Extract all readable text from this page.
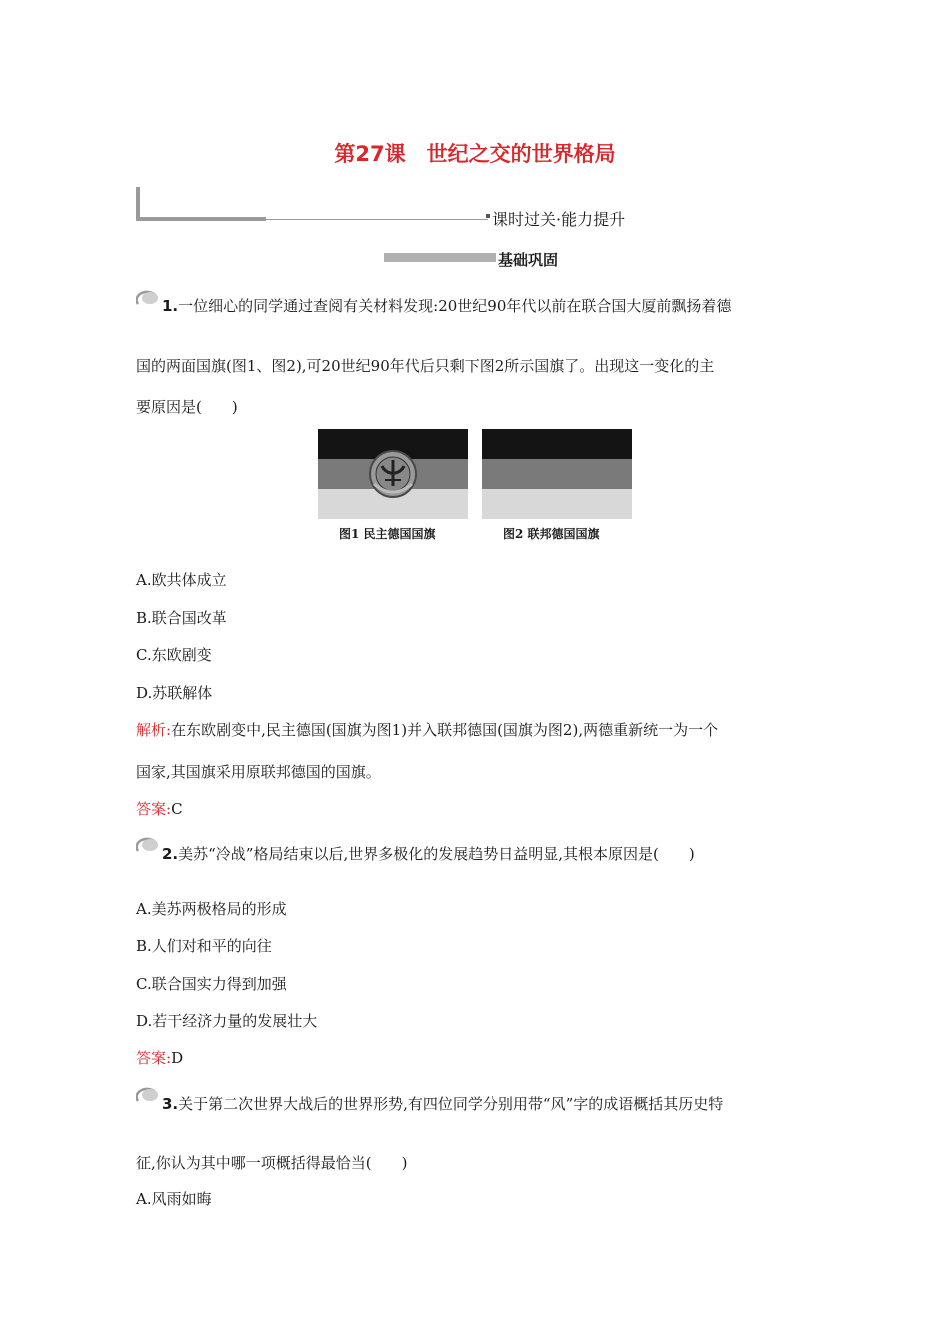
第27课　世纪之交的世界格局
课时过关·能力提升
基础巩固
1.一位细心的同学通过查阅有关材料发现:20世纪90年代以前在联合国大厦前飘扬着德
国的两面国旗(图1、图2),可20世纪90年代后只剩下图2所示国旗了。出现这一变化的主
要原因是(　　)
图1 民主德国国旗	图2 联邦德国国旗
A.欧共体成立
B.联合国改革
C.东欧剧变
D.苏联解体
解析:在东欧剧变中,民主德国(国旗为图1)并入联邦德国(国旗为图2),两德重新统一为一个
国家,其国旗采用原联邦德国的国旗。
答案:C
2.美苏“冷战”格局结束以后,世界多极化的发展趋势日益明显,其根本原因是(　　)
A.美苏两极格局的形成
B.人们对和平的向往
C.联合国实力得到加强
D.若干经济力量的发展壮大
答案:D
3.关于第二次世界大战后的世界形势,有四位同学分别用带“风”字的成语概括其历史特
征,你认为其中哪一项概括得最恰当(　　)
A.风雨如晦
